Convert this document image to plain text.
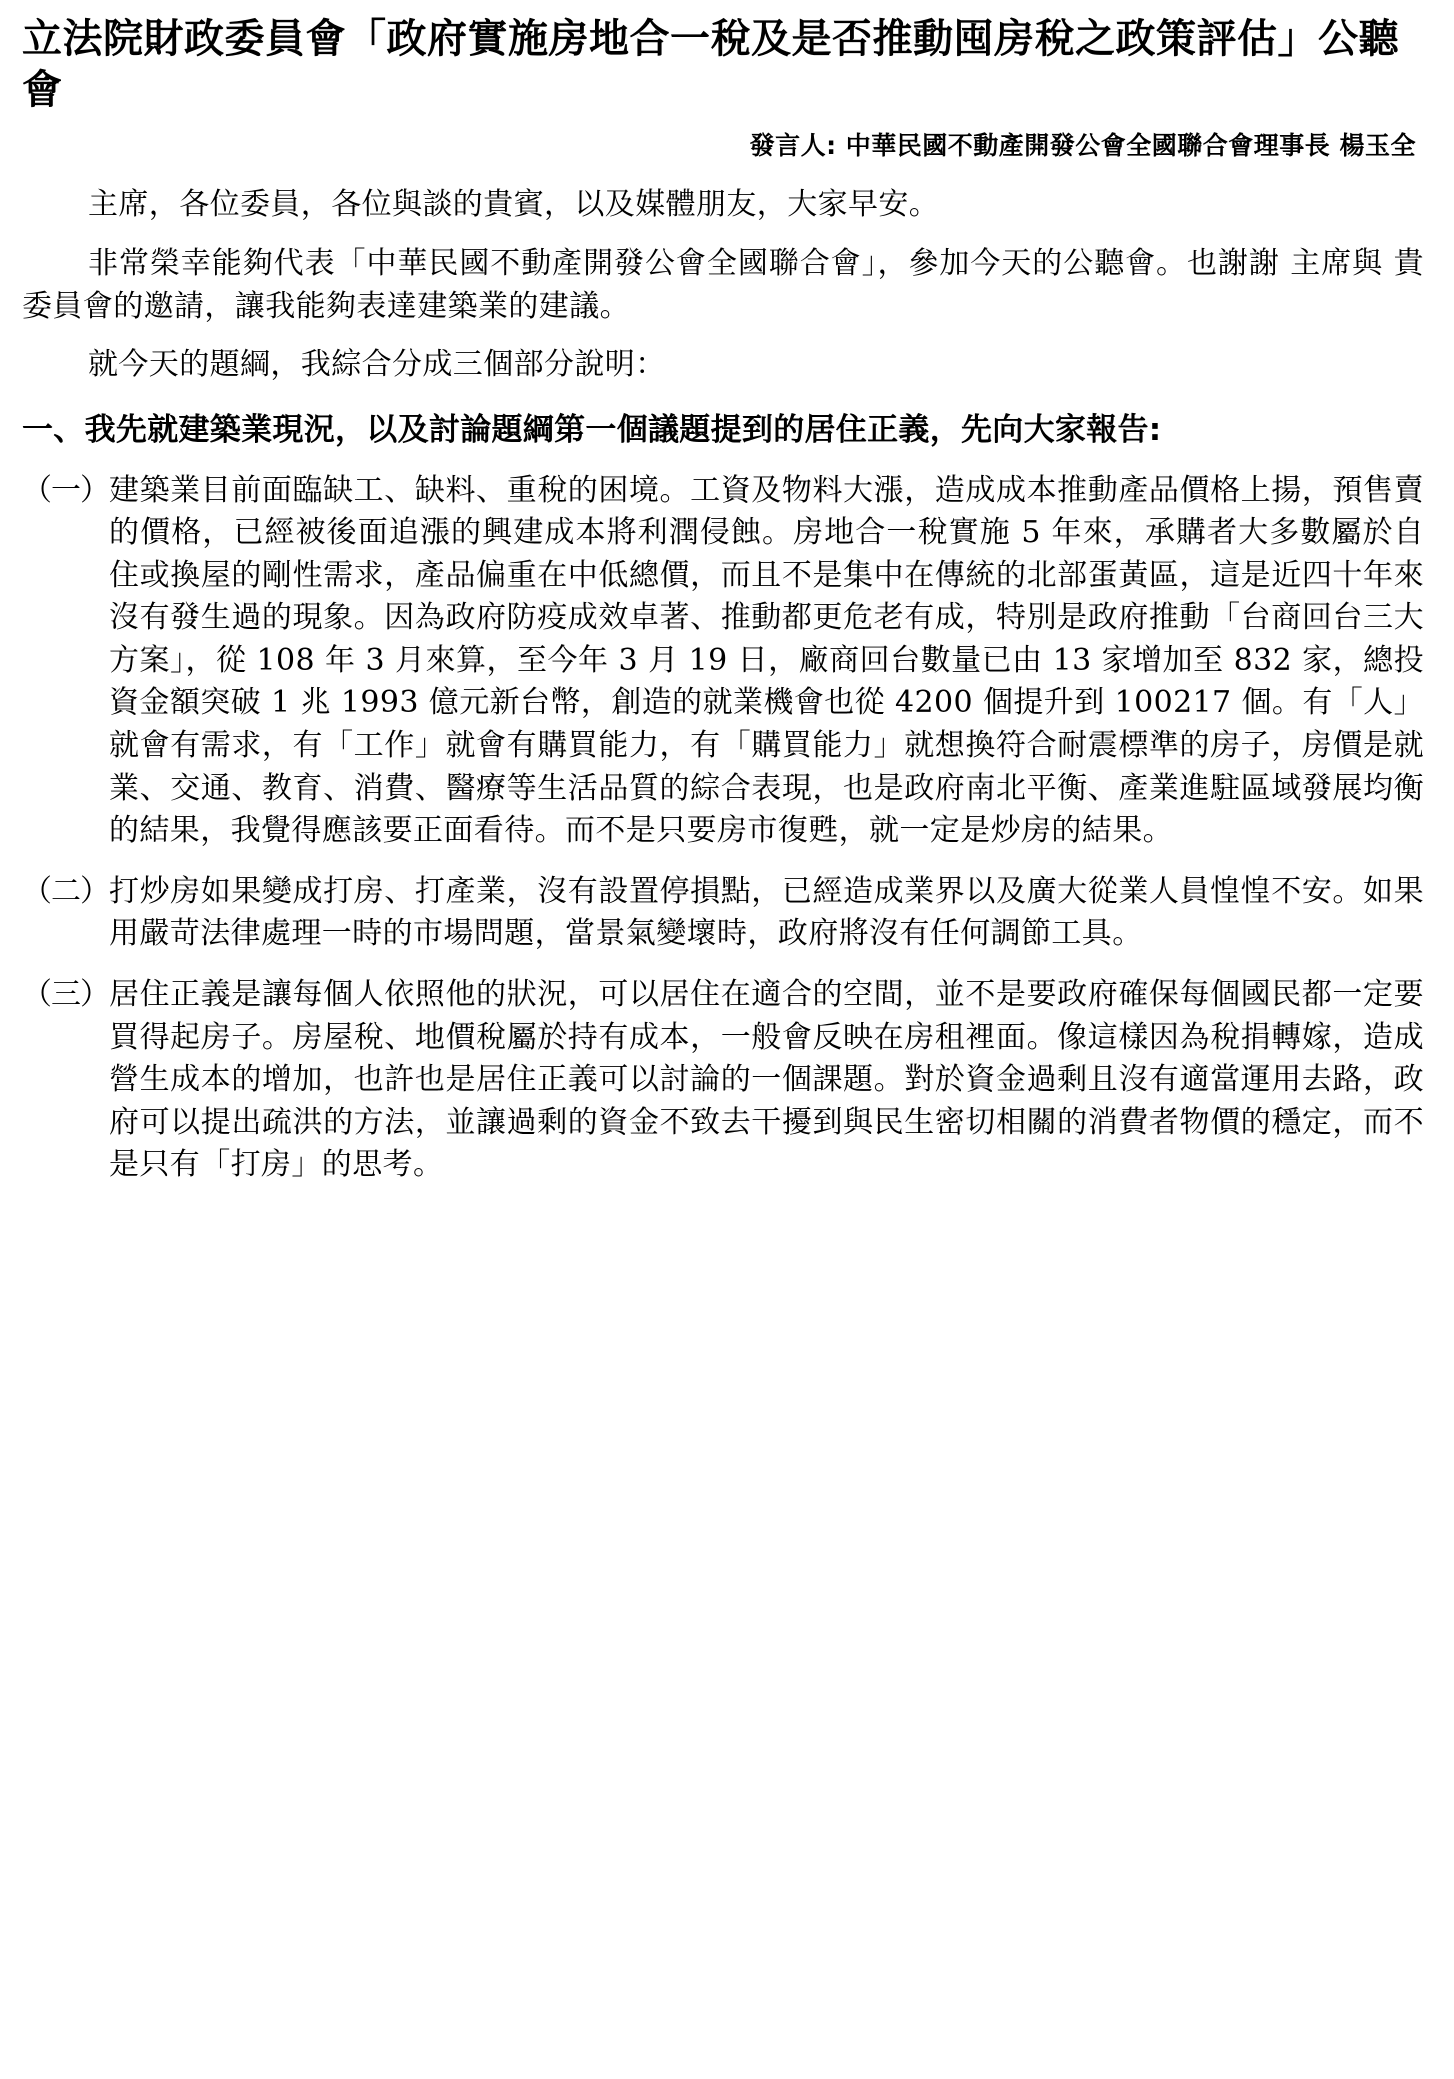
立法院財政委員會「政府實施房地合一稅及是否推動囤房稅之政策評估」公聽會
發言人: 中華民國不動產開發公會全國聯合會理事長 楊玉全

主席，各位委員，各位與談的貴賓，以及媒體朋友，大家早安。

非常榮幸能夠代表「中華民國不動產開發公會全國聯合會」，參加今天的公聽會。也謝謝 主席與 貴委員會的邀請，讓我能夠表達建築業的建議。

就今天的題綱，我綜合分成三個部分說明：

一、 我先就建築業現況，以及討論題綱第一個議題提到的居住正義，先向大家報告:
（一） 建築業目前面臨缺工、缺料、重稅的困境。工資及物料大漲，造成成本推動產品價格上揚，預售賣的價格，已經被後面追漲的興建成本將利潤侵蝕。房地合一稅實施 5 年來，承購者大多數屬於自住或換屋的剛性需求，產品偏重在中低總價，而且不是集中在傳統的北部蛋黃區，這是近四十年來沒有發生過的現象。因為政府防疫成效卓著、推動都更危老有成，特別是政府推動「台商回台三大方案」，從 108 年 3 月來算，至今年 3 月 19 日，廠商回台數量已由 13 家增加至 832 家，總投資金額突破 1 兆 1993 億元新台幣，創造的就業機會也從 4200 個提升到 100217 個。有「人」就會有需求，有「工作」就會有購買能力，有「購買能力」就想換符合耐震標準的房子，房價是就業、交通、教育、消費、醫療等生活品質的綜合表現，也是政府南北平衡、產業進駐區域發展均衡的結果，我覺得應該要正面看待。而不是只要房市復甦，就一定是炒房的結果。
（二） 打炒房如果變成打房、打產業，沒有設置停損點，已經造成業界以及廣大從業人員惶惶不安。如果用嚴苛法律處理一時的市場問題，當景氣變壞時，政府將沒有任何調節工具。
（三） 居住正義是讓每個人依照他的狀況，可以居住在適合的空間，並不是要政府確保每個國民都一定要買得起房子。房屋稅、地價稅屬於持有成本，一般會反映在房租裡面。像這樣因為稅捐轉嫁，造成營生成本的增加，也許也是居住正義可以討論的一個課題。對於資金過剩且沒有適當運用去路，政府可以提出疏洪的方法，並讓過剩的資金不致去干擾到與民生密切相關的消費者物價的穩定，而不是只有「打房」的思考。
